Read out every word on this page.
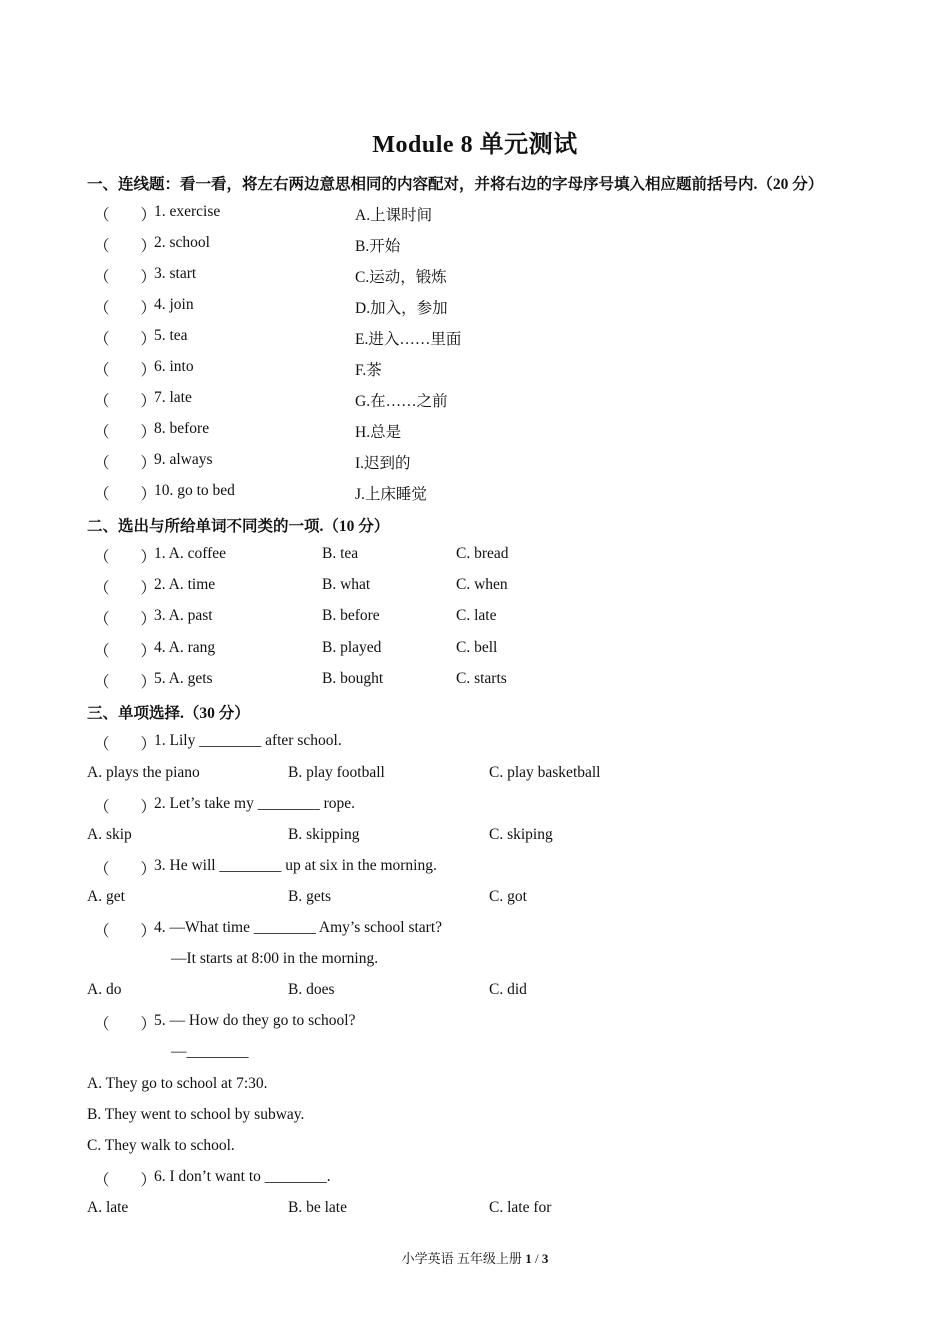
Module 8 单元测试
一、连线题：看一看，将左右两边意思相同的内容配对，并将右边的字母序号填入相应题前括号内.（20 分）
（　　）
1. exercise	A.上课时间
（　　）
2. school	B.开始
（　　）
3. start	C.运动，锻炼
（　　）
4. join	D.加入，参加
（　　）
5. tea	E.进入……里面
（　　）
6. into	F.茶
（　　）
7. late	G.在……之前
（　　）
8. before	H.总是
（　　）
9. always	I.迟到的
（　　）
10. go to bed	J.上床睡觉
二、选出与所给单词不同类的一项.（10 分）
（　　）
1. A. coffee	B. tea	C. bread
（　　）
2. A. time	B. what	C. when
（　　）
3. A. past	B. before	C. late
（　　）
4. A. rang	B. played	C. bell
（　　）
5. A. gets	B. bought	C. starts
三、单项选择.（30 分）
（　　）
1. Lily ________ after school.
A. plays the piano	B. play football	C. play basketball
（　　）
2. Let’s take my ________ rope.
A. skip	B. skipping	C. skiping
（　　）
3. He will ________ up at six in the morning.
A. get	B. gets	C. got
（　　）
4. —What time ________ Amy’s school start?
—It starts at 8:00 in the morning.
A. do	B. does	C. did
（　　）
5. — How do they go to school?
—________
A. They go to school at 7:30.
B. They went to school by subway.
C. They walk to school.
（　　）
6. I don’t want to ________.
A. late	B. be late	C. late for
小学英语 五年级上册 1 / 3
